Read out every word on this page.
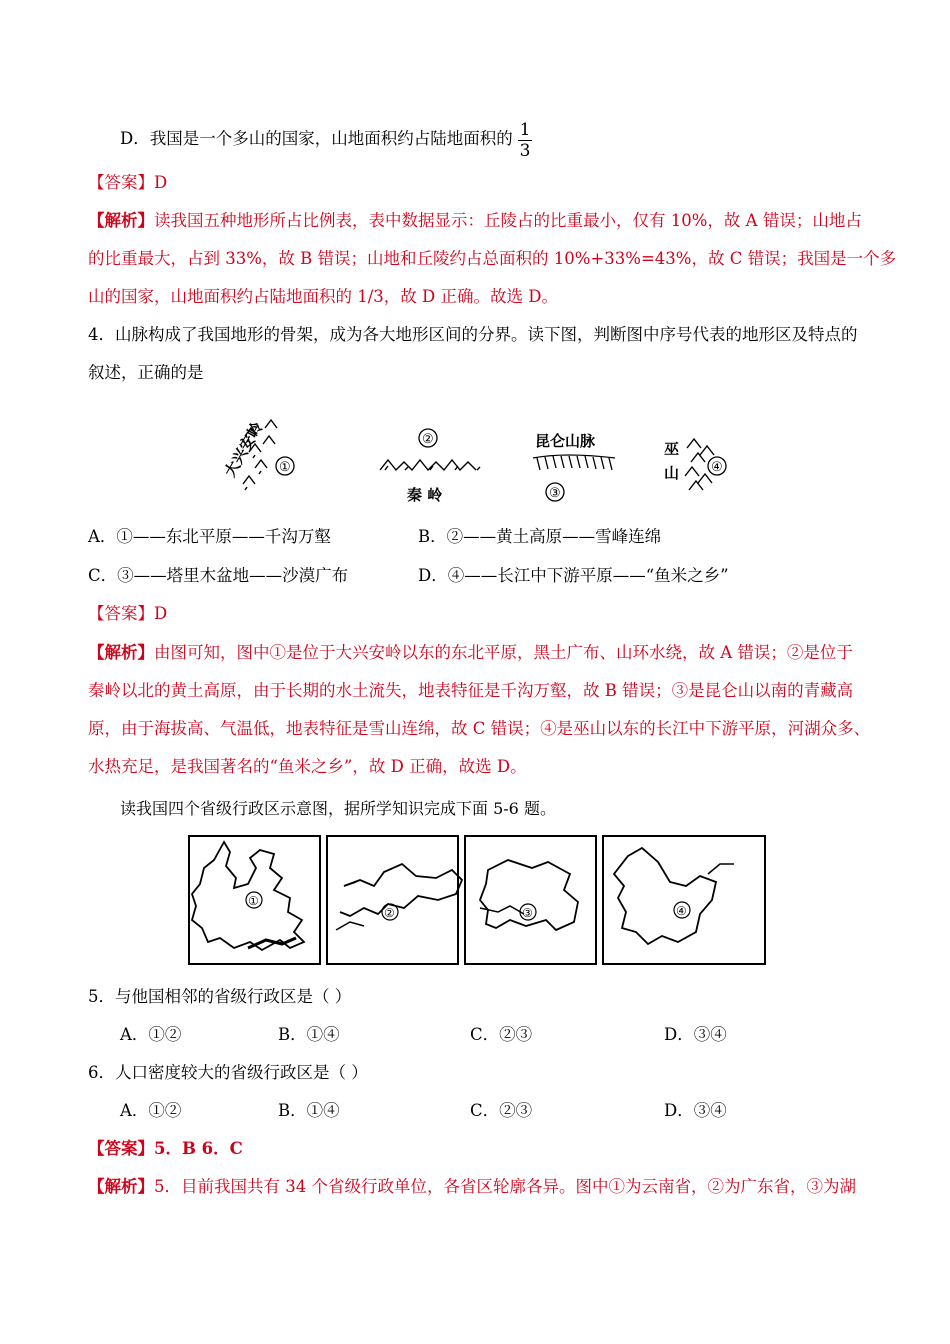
D．我国是一个多山的国家，山地面积约占陆地面积的 1
3
【答案】D
【解析】读我国五种地形所占比例表，表中数据显示：丘陵占的比重最小，仅有 10%，故 A 错误；山地占
的比重最大，占到 33%，故 B 错误；山地和丘陵约占总面积的 10%+33%=43%，故 C 错误；我国是一个多
山的国家，山地面积约占陆地面积的 1/3，故 D 正确。故选 D。
4．山脉构成了我国地形的骨架，成为各大地形区间的分界。读下图，判断图中序号代表的地形区及特点的
叙述，正确的是
大兴安岭 ①
②
秦 岭
昆仑山脉
③
巫
山 ④
A．①——东北平原——千沟万壑	B．②——黄土高原——雪峰连绵
C．③——塔里木盆地——沙漠广布	D．④——长江中下游平原——“鱼米之乡”
【答案】D
【解析】由图可知，图中①是位于大兴安岭以东的东北平原，黑土广布、山环水绕，故 A 错误；②是位于
秦岭以北的黄土高原，由于长期的水土流失，地表特征是千沟万壑，故 B 错误；③是昆仑山以南的青藏高
原，由于海拔高、气温低，地表特征是雪山连绵，故 C 错误；④是巫山以东的长江中下游平原，河湖众多、
水热充足，是我国著名的“鱼米之乡”，故 D 正确，故选 D。
读我国四个省级行政区示意图，据所学知识完成下面 5-6 题。
①
②	③	④
5．与他国相邻的省级行政区是（ ）
A．①②	B．①④	C．②③	D．③④
6．人口密度较大的省级行政区是（ ）
A．①②	B．①④	C．②③	D．③④
【答案】5．B 6．C
【解析】5．目前我国共有 34 个省级行政单位，各省区轮廓各异。图中①为云南省，②为广东省，③为湖
